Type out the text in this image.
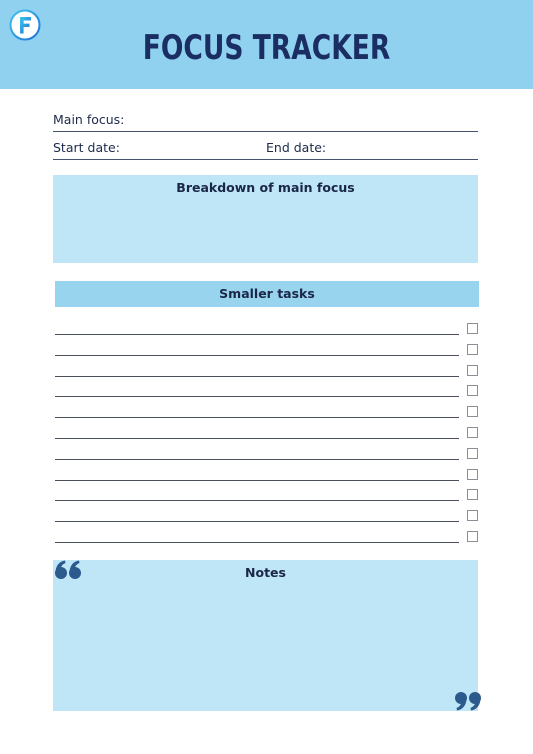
FOCUS TRACKER
Main focus:
Start date:	End date:
Breakdown of main focus
Smaller tasks
Notes
